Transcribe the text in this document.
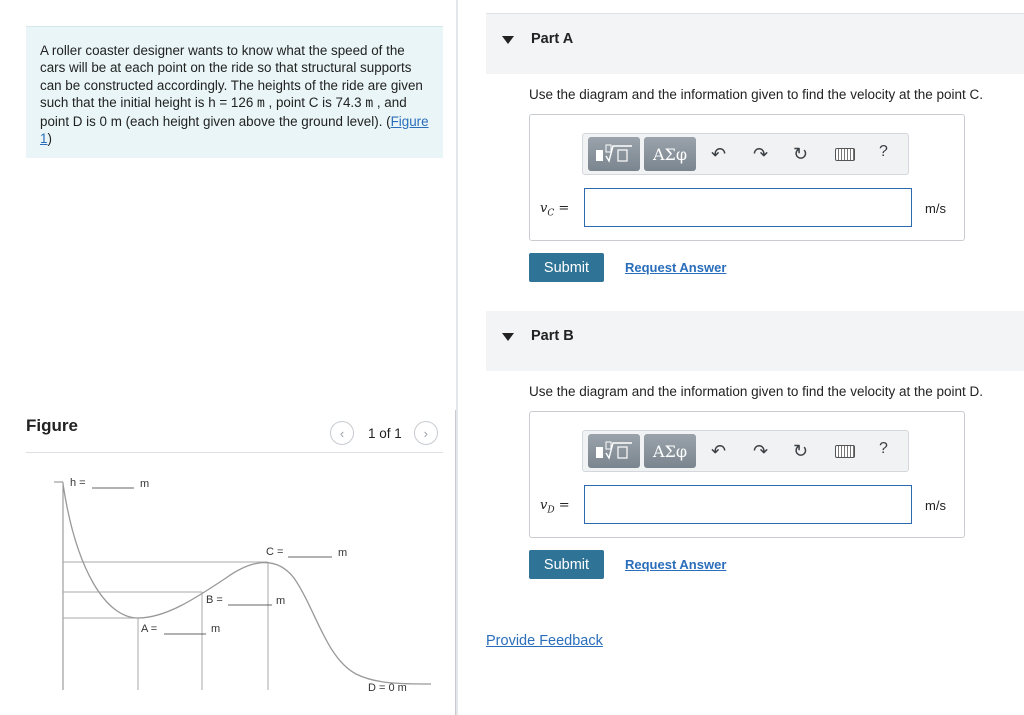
A roller coaster designer wants to know what the speed of the cars will be at each point on the ride so that structural supports can be constructed accordingly. The heights of the ride are given such that the initial height is h = 126 m , point C is 74.3 m , and point D is 0 m (each height given above the ground level). (Figure 1)

Figure	‹ 1 of 1 ›
h =	m
C =	m
B =	m
A =	m
D = 0 m
Part A
Use the diagram and the information given to find the velocity at the point C.
ΑΣφ	↶ ↷ ↻	?
$v_C$ =	m/s
Submit	Request Answer
Part B
Use the diagram and the information given to find the velocity at the point D.
ΑΣφ	↶ ↷ ↻	?
$v_D$ =	m/s
Submit	Request Answer
Provide Feedback
